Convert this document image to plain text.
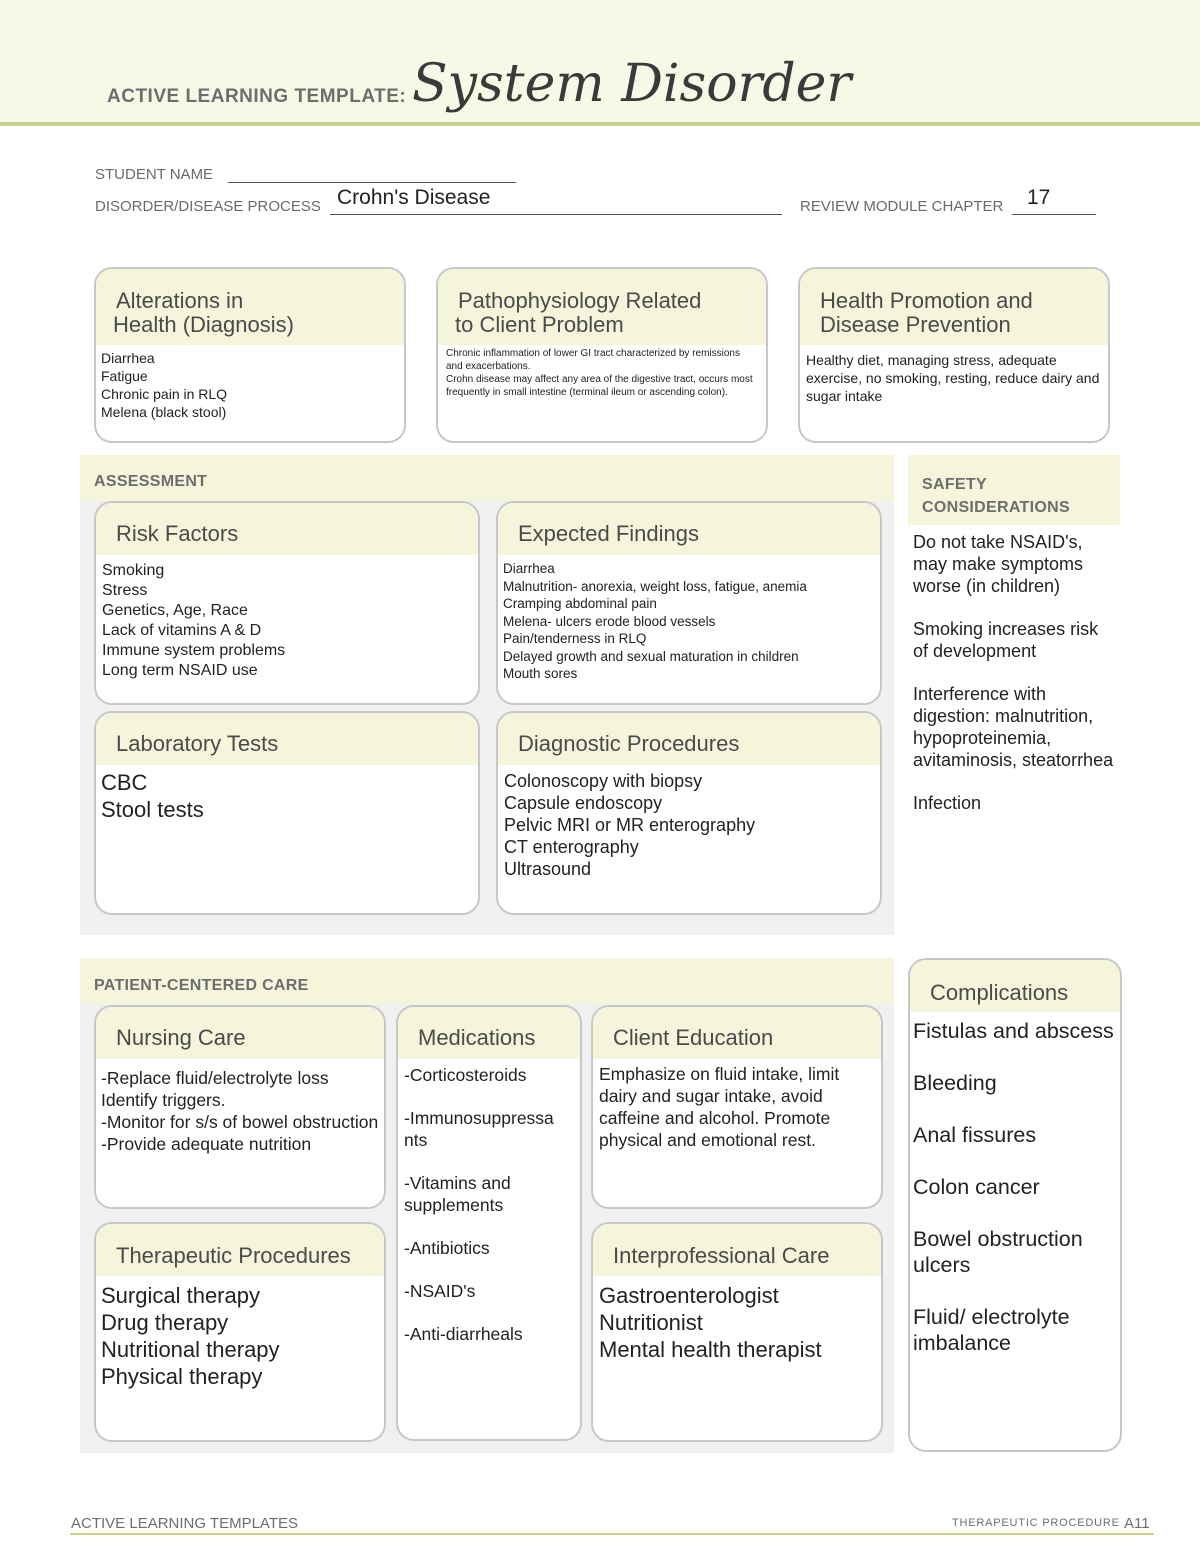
ACTIVE LEARNING TEMPLATE: System Disorder
STUDENT NAME
DISORDER/DISEASE PROCESS Crohn's Disease	REVIEW MODULE CHAPTER 17
Alterations in
Health (Diagnosis)
Diarrhea
Fatigue
Chronic pain in RLQ
Melena (black stool)
Pathophysiology Related
to Client Problem
Chronic inflammation of lower GI tract characterized by remissions and exacerbations.
Crohn disease may affect any area of the digestive tract, occurs most frequently in small intestine (terminal ileum or ascending colon).
Health Promotion and
Disease Prevention
Healthy diet, managing stress, adequate exercise, no smoking, resting, reduce dairy and sugar intake
ASSESSMENT
Risk Factors
Smoking
Stress
Genetics, Age, Race
Lack of vitamins A & D
Immune system problems
Long term NSAID use
Expected Findings
Diarrhea
Malnutrition- anorexia, weight loss, fatigue, anemia
Cramping abdominal pain
Melena- ulcers erode blood vessels
Pain/tenderness in RLQ
Delayed growth and sexual maturation in children
Mouth sores
Laboratory Tests
CBC
Stool tests
Diagnostic Procedures
Colonoscopy with biopsy
Capsule endoscopy
Pelvic MRI or MR enterography
CT enterography
Ultrasound
SAFETY
CONSIDERATIONS
Do not take NSAID's, may make symptoms worse (in children)
Smoking increases risk of development
Interference with digestion: malnutrition, hypoproteinemia, avitaminosis, steatorrhea
Infection
PATIENT-CENTERED CARE
Nursing Care
-Replace fluid/electrolyte loss
Identify triggers.
-Monitor for s/s of bowel obstruction
-Provide adequate nutrition
Medications
-Corticosteroids
-Immunosuppressa nts
-Vitamins and supplements
-Antibiotics
-NSAID's
-Anti-diarrheals
Client Education
Emphasize on fluid intake, limit dairy and sugar intake, avoid caffeine and alcohol. Promote physical and emotional rest.
Therapeutic Procedures
Surgical therapy
Drug therapy
Nutritional therapy
Physical therapy
Interprofessional Care
Gastroenterologist
Nutritionist
Mental health therapist
Complications
Fistulas and abscess
Bleeding
Anal fissures
Colon cancer
Bowel obstruction ulcers
Fluid/ electrolyte imbalance
ACTIVE LEARNING TEMPLATES	THERAPEUTIC PROCEDURE A11
